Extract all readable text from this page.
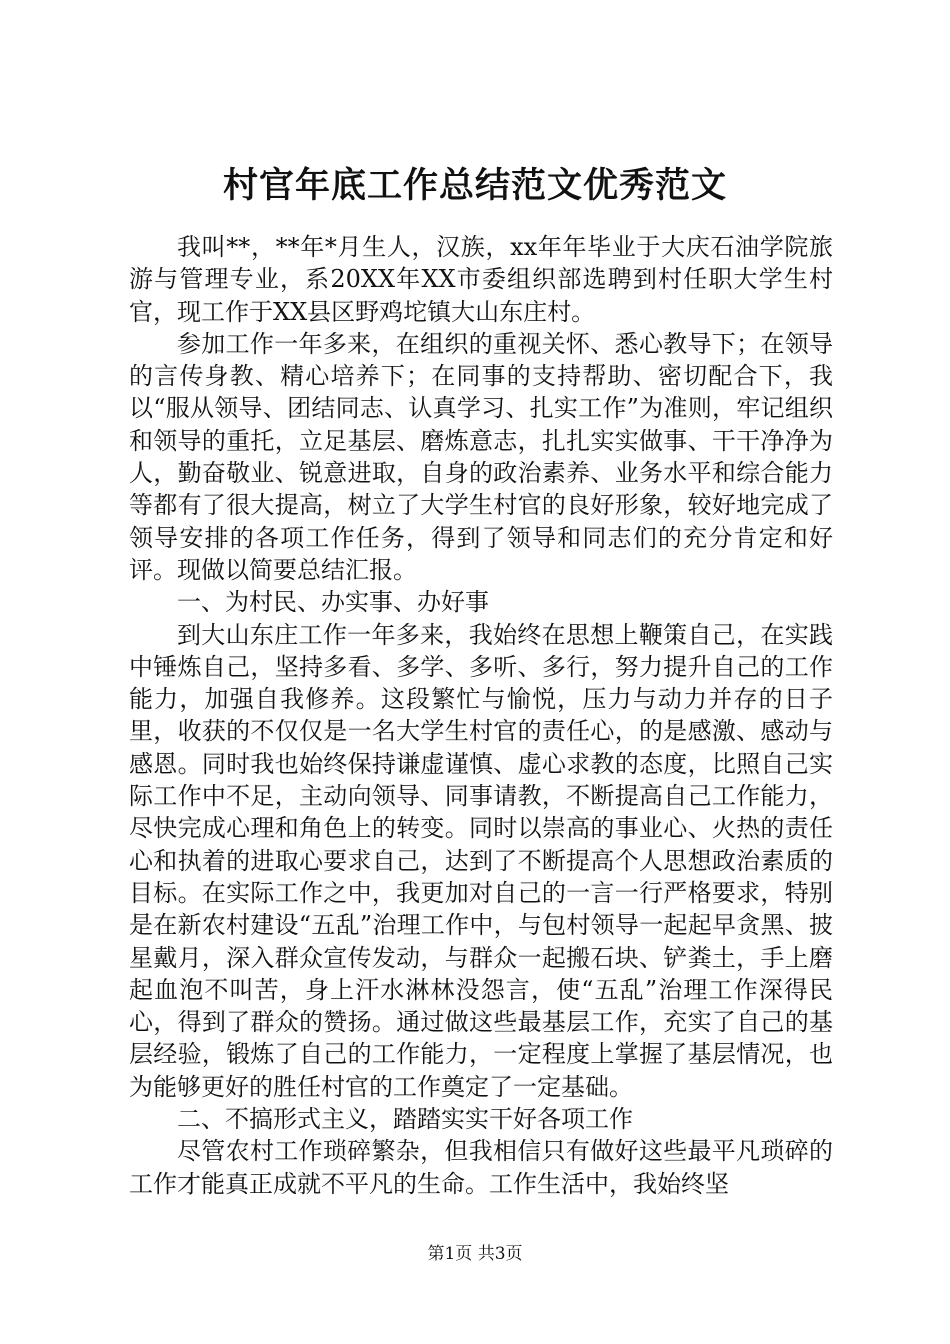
村官年底工作总结范文优秀范文

我叫**，**年*月生人，汉族，xx年年毕业于大庆石油学院旅游与管理专业，系20XX年XX市委组织部选聘到村任职大学生村官，现工作于XX县区野鸡坨镇大山东庄村。

参加工作一年多来，在组织的重视关怀、悉心教导下；在领导的言传身教、精心培养下；在同事的支持帮助、密切配合下，我以“服从领导、团结同志、认真学习、扎实工作”为准则，牢记组织和领导的重托，立足基层、磨炼意志，扎扎实实做事、干干净净为人，勤奋敬业、锐意进取，自身的政治素养、业务水平和综合能力等都有了很大提高，树立了大学生村官的良好形象，较好地完成了领导安排的各项工作任务，得到了领导和同志们的充分肯定和好评。现做以简要总结汇报。

一、为村民、办实事、办好事

到大山东庄工作一年多来，我始终在思想上鞭策自己，在实践中锤炼自己，坚持多看、多学、多听、多行，努力提升自己的工作能力，加强自我修养。这段繁忙与愉悦，压力与动力并存的日子里，收获的不仅仅是一名大学生村官的责任心，的是感激、感动与感恩。同时我也始终保持谦虚谨慎、虚心求教的态度，比照自己实际工作中不足，主动向领导、同事请教，不断提高自己工作能力，尽快完成心理和角色上的转变。同时以崇高的事业心、火热的责任心和执着的进取心要求自己，达到了不断提高个人思想政治素质的目标。在实际工作之中，我更加对自己的一言一行严格要求，特别是在新农村建设“五乱”治理工作中，与包村领导一起起早贪黑、披星戴月，深入群众宣传发动，与群众一起搬石块、铲粪土，手上磨起血泡不叫苦，身上汗水淋林没怨言，使“五乱”治理工作深得民心，得到了群众的赞扬。通过做这些最基层工作，充实了自己的基层经验，锻炼了自己的工作能力，一定程度上掌握了基层情况，也为能够更好的胜任村官的工作奠定了一定基础。

二、不搞形式主义，踏踏实实干好各项工作

尽管农村工作琐碎繁杂，但我相信只有做好这些最平凡琐碎的工作才能真正成就不平凡的生命。工作生活中，我始终坚

第1页 共3页
